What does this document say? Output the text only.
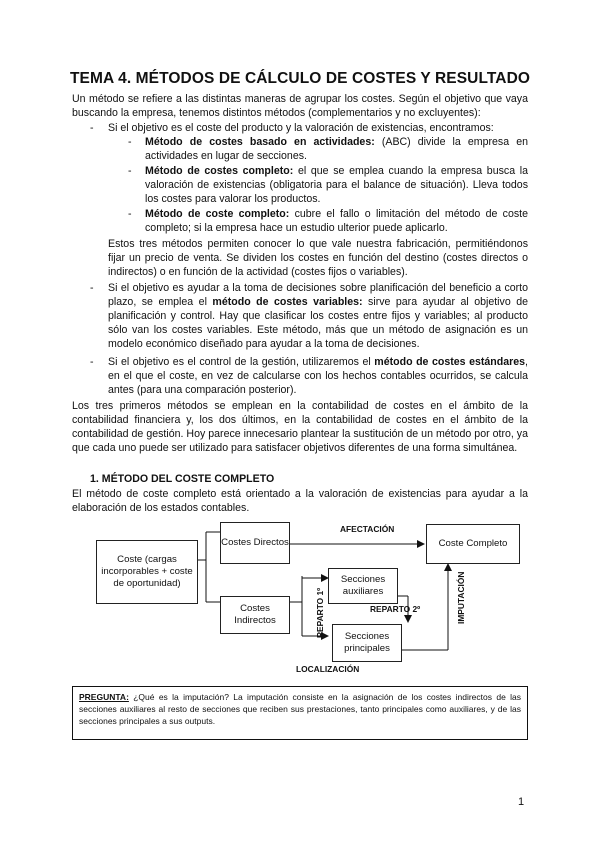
TEMA 4. MÉTODOS DE CÁLCULO DE COSTES Y RESULTADO
Un método se refiere a las distintas maneras de agrupar los costes. Según el objetivo que vaya buscando la empresa, tenemos distintos métodos (complementarios y no excluyentes):
- Si el objetivo es el coste del producto y la valoración de existencias, encontramos:
- Método de costes basado en actividades: (ABC) divide la empresa en actividades en lugar de secciones.
- Método de costes completo: el que se emplea cuando la empresa busca la valoración de existencias (obligatoria para el balance de situación). Lleva todos los costes para valorar los productos.
- Método de coste completo: cubre el fallo o limitación del método de coste completo; si la empresa hace un estudio ulterior puede aplicarlo.
Estos tres métodos permiten conocer lo que vale nuestra fabricación, permitiéndonos fijar un precio de venta. Se dividen los costes en función del destino (costes directos o indirectos) o en función de la actividad (costes fijos o variables).
- Si el objetivo es ayudar a la toma de decisiones sobre planificación del beneficio a corto plazo, se emplea el método de costes variables: sirve para ayudar al objetivo de planificación y control. Hay que clasificar los costes entre fijos y variables; al producto sólo van los costes variables. Este método, más que un método de asignación es un modelo económico diseñado para ayudar a la toma de decisiones.
- Si el objetivo es el control de la gestión, utilizaremos el método de costes estándares, en el que el coste, en vez de calcularse con los hechos contables ocurridos, se calcula antes (para una comparación posterior).
Los tres primeros métodos se emplean en la contabilidad de costes en el ámbito de la contabilidad financiera y, los dos últimos, en la contabilidad de costes en el ámbito de la contabilidad de gestión. Hoy parece innecesario plantear la sustitución de un método por otro, ya que cada uno puede ser utilizado para satisfacer objetivos diferentes de una forma simultánea.
1. MÉTODO DEL COSTE COMPLETO
El método de coste completo está orientado a la valoración de existencias para ayudar a la elaboración de los estados contables.
Coste (cargas incorporables + coste de oportunidad)
Costes Directos
Costes Indirectos
Coste Completo
Secciones auxiliares
Secciones principales
AFECTACIÓN
REPARTO 2º
LOCALIZACIÓN
REPARTO 1º	IMPUTACIÓN
PREGUNTA: ¿Qué es la imputación? La imputación consiste en la asignación de los costes indirectos de las secciones auxiliares al resto de secciones que reciben sus prestaciones, tanto principales como auxiliares, y de las secciones principales a sus outputs.
1
